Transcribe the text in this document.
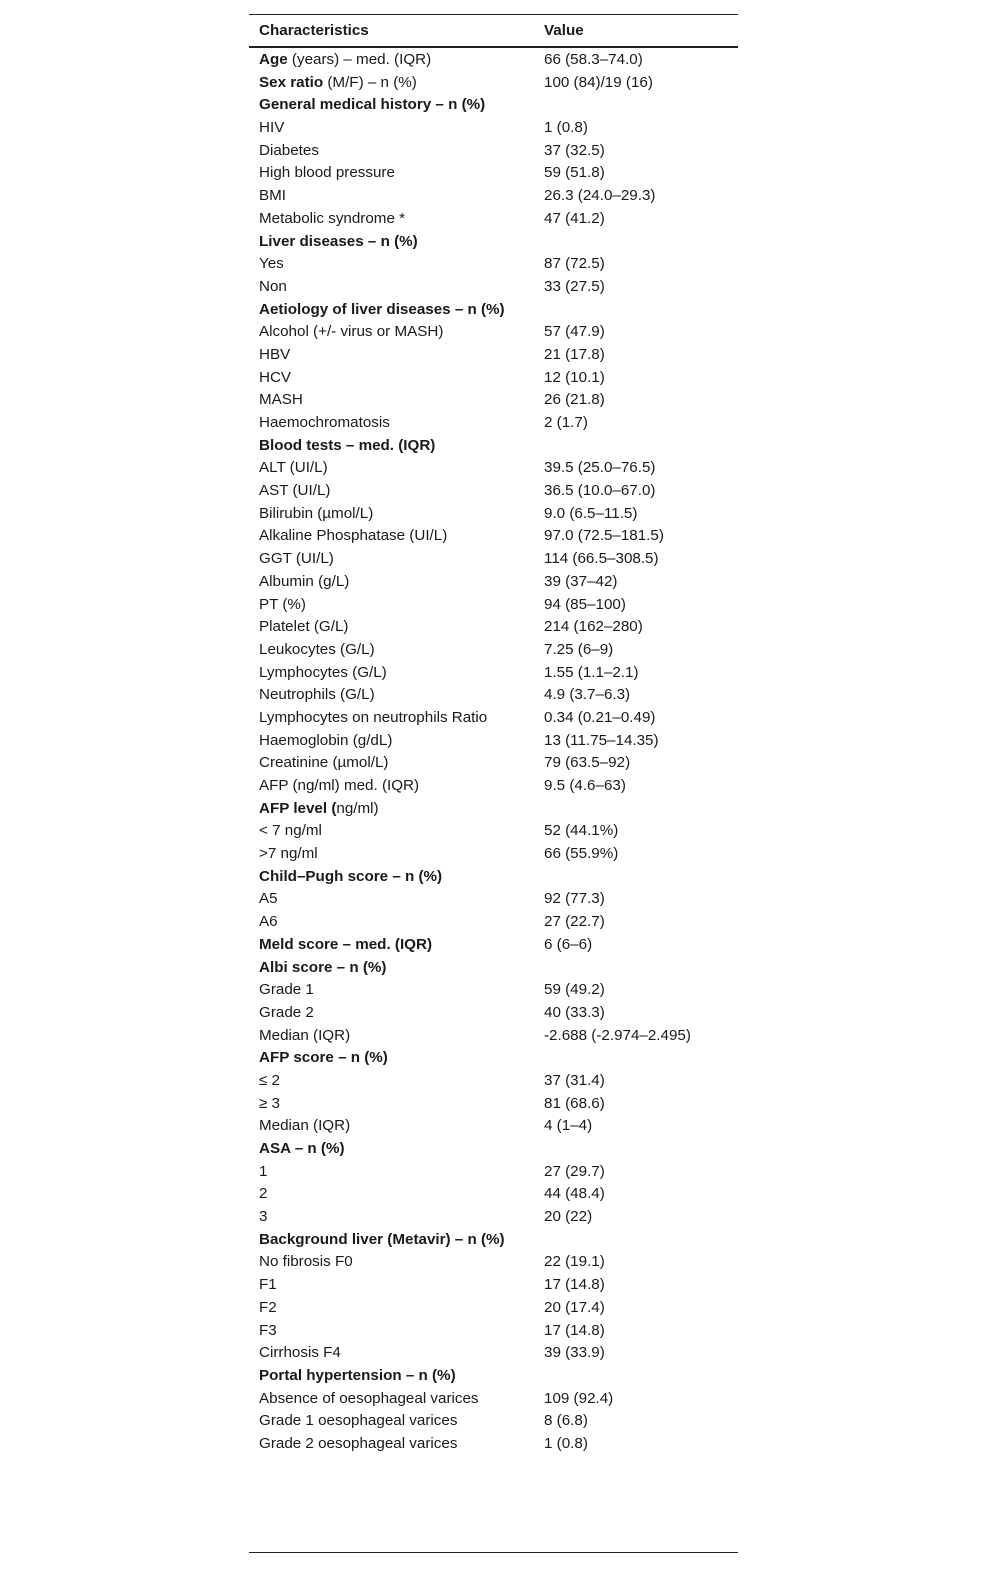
Characteristics	Value
Age (years) – med. (IQR)	66 (58.3–74.0)
Sex ratio (M/F) – n (%)	100 (84)/19 (16)
General medical history – n (%)
HIV	1 (0.8)
Diabetes	37 (32.5)
High blood pressure	59 (51.8)
BMI	26.3 (24.0–29.3)
Metabolic syndrome *	47 (41.2)
Liver diseases – n (%)
Yes	87 (72.5)
Non	33 (27.5)
Aetiology of liver diseases – n (%)
Alcohol (+/- virus or MASH)	57 (47.9)
HBV	21 (17.8)
HCV	12 (10.1)
MASH	26 (21.8)
Haemochromatosis	2 (1.7)
Blood tests – med. (IQR)
ALT (UI/L)	39.5 (25.0–76.5)
AST (UI/L)	36.5 (10.0–67.0)
Bilirubin (µmol/L)	9.0 (6.5–11.5)
Alkaline Phosphatase (UI/L)	97.0 (72.5–181.5)
GGT (UI/L)	114 (66.5–308.5)
Albumin (g/L)	39 (37–42)
PT (%)	94 (85–100)
Platelet (G/L)	214 (162–280)
Leukocytes (G/L)	7.25 (6–9)
Lymphocytes (G/L)	1.55 (1.1–2.1)
Neutrophils (G/L)	4.9 (3.7–6.3)
Lymphocytes on neutrophils Ratio	0.34 (0.21–0.49)
Haemoglobin (g/dL)	13 (11.75–14.35)
Creatinine (µmol/L)	79 (63.5–92)
AFP (ng/ml) med. (IQR)	9.5 (4.6–63)
AFP level (ng/ml)
< 7 ng/ml	52 (44.1%)
>7 ng/ml	66 (55.9%)
Child–Pugh score – n (%)
A5	92 (77.3)
A6	27 (22.7)
Meld score – med. (IQR)	6 (6–6)
Albi score – n (%)
Grade 1	59 (49.2)
Grade 2	40 (33.3)
Median (IQR)	-2.688 (-2.974–2.495)
AFP score – n (%)
≤ 2	37 (31.4)
≥ 3	81 (68.6)
Median (IQR)	4 (1–4)
ASA – n (%)
1	27 (29.7)
2	44 (48.4)
3	20 (22)
Background liver (Metavir) – n (%)
No fibrosis F0	22 (19.1)
F1	17 (14.8)
F2	20 (17.4)
F3	17 (14.8)
Cirrhosis F4	39 (33.9)
Portal hypertension – n (%)
Absence of oesophageal varices	109 (92.4)
Grade 1 oesophageal varices	8 (6.8)
Grade 2 oesophageal varices	1 (0.8)
